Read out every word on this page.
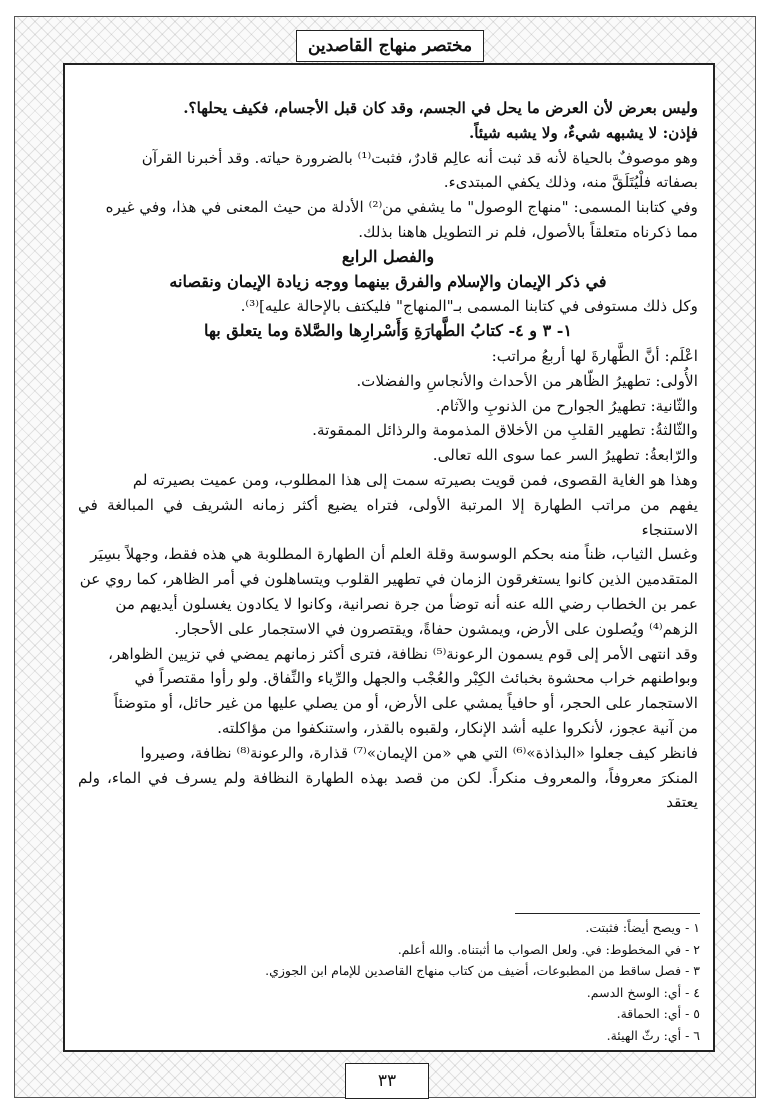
مختصر منهاج القاصدين

وليس بعرض لأن العرض ما يحل في الجسم، وقد كان قبل الأجسام، فكيف يحلها؟.

فإذن: لا يشبهه شيءٌ، ولا يشبه شيئاً.

وهو موصوفٌ بالحياة لأنه قد ثبت أنه عالِم قادرٌ، فثبت⁽¹⁾ بالضرورة حياته. وقد أخبرنا القرآن

بصفاته فلْيُتَلَقَّ منه، وذلك يكفي المبتدىء.

وفي كتابنا المسمى: "منهاج الوصول" ما يشفي من⁽²⁾ الأدلة من حيث المعنى في هذا، وفي غيره

مما ذكرناه متعلقاً بالأصول، فلم نر التطويل هاهنا بذلك.

والفصل الرابع

في ذكر الإيمان والإسلام والفرق بينهما ووجه زيادة الإيمان ونقصانه

وكل ذلك مستوفى في كتابنا المسمى بـ"المنهاج" فليكتف بالإحالة عليه]⁽³⁾.

١- ٣ و ٤- كتابُ الطَّهارَةِ وَأَسْرارِها والصَّلاة وما يتعلق بها

اعْلَم: أنَّ الطَّهارةَ لها أربعُ مراتب:

الأُولى: تطهيرُ الظّاهر من الأحداث والأنجاسِ والفضلات.

والثّانية: تطهيرُ الجوارح من الذنوبِ والآثام.

والثّالثةُ: تطهير القلبِ من الأخلاق المذمومة والرذائل الممقوتة.

والرّابعةُ: تطهيرُ السر عما سوى الله تعالى.

وهذا هو الغاية القصوى، فمن قويت بصيرته سمت إلى هذا المطلوب، ومن عميت بصيرته لم

يفهم من مراتب الطهارة إلا المرتبة الأولى، فتراه يضيع أكثر زمانه الشريف في المبالغة في الاستنجاء

وغسل الثياب، ظناً منه بحكم الوسوسة وقلة العلم أن الطهارة المطلوبة هي هذه فقط، وجهلاً بسِيَر

المتقدمين الذين كانوا يستغرقون الزمان في تطهير القلوب ويتساهلون في أمر الظاهر، كما روي عن

عمر بن الخطاب رضي الله عنه أنه توضأ من جرة نصرانية، وكانوا لا يكادون يغسلون أيديهم من

الزهم⁽⁴⁾ ويُصلون على الأرض، ويمشون حفاةً، ويقتصرون في الاستجمار على الأحجار.

وقد انتهى الأمر إلى قوم يسمون الرعونة⁽⁵⁾ نظافة، فترى أكثر زمانهم يمضي في تزيين الظواهر،

وبواطنهم خراب محشوة بخبائث الكِبْر والعُجْب والجهل والرِّياء والنِّفاق. ولو رأوا مقتصراً في

الاستجمار على الحجر، أو حافياً يمشي على الأرض، أو من يصلي عليها من غير حائل، أو متوضئاً

من آنية عجوز، لأنكروا عليه أشد الإنكار، ولقبوه بالقذر، واستنكفوا من مؤاكلته.

فانظر كيف جعلوا «البذاذة»⁽⁶⁾ التي هي «من الإيمان»⁽⁷⁾ قذارة، والرعونة⁽⁸⁾ نظافة، وصيروا

المنكرَ معروفاً، والمعروف منكراً. لكن من قصد بهذه الطهارة النظافة ولم يسرف في الماء، ولم يعتقد

١ - ويصح أيضاً: فثبتت.
٢ - في المخطوط: في. ولعل الصواب ما أثبتناه. والله أعلم.
٣ - فصل ساقط من المطبوعات، أضيف من كتاب منهاج القاصدين للإمام ابن الجوزي.
٤ - أي: الوسخ الدسم.
٥ - أي: الحماقة.
٦ - أي: رثّ الهيئة.
٣٣
